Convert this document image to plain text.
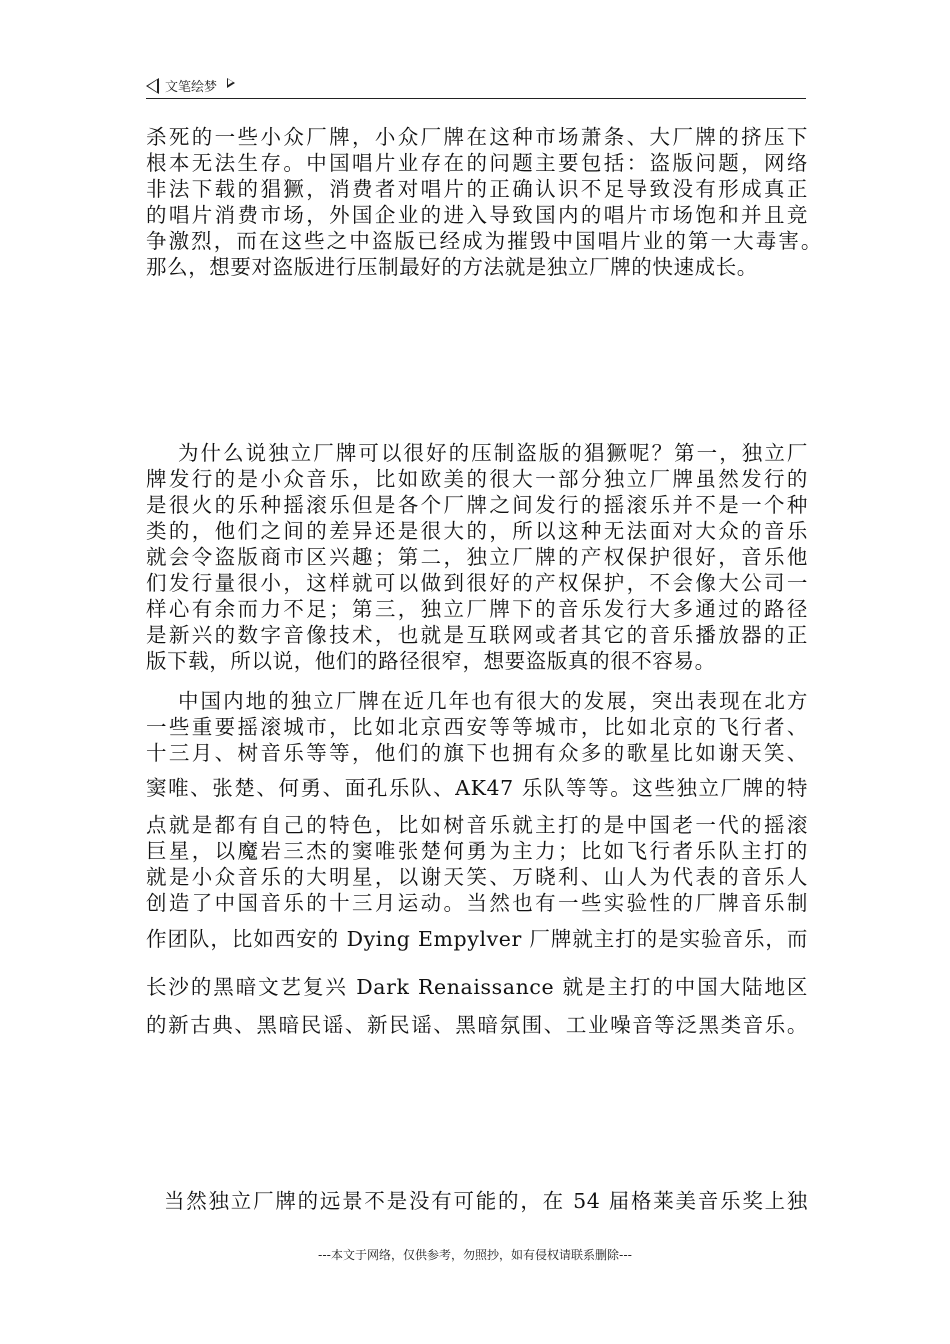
文笔绘梦
杀死的一些小众厂牌，小众厂牌在这种市场萧条、大厂牌的挤压下
根本无法生存。中国唱片业存在的问题主要包括：盗版问题，网络
非法下载的猖獗，消费者对唱片的正确认识不足导致没有形成真正
的唱片消费市场，外国企业的进入导致国内的唱片市场饱和并且竞
争激烈，而在这些之中盗版已经成为摧毁中国唱片业的第一大毒害。
那么，想要对盗版进行压制最好的方法就是独立厂牌的快速成长。
为什么说独立厂牌可以很好的压制盗版的猖獗呢？第一，独立厂
牌发行的是小众音乐，比如欧美的很大一部分独立厂牌虽然发行的
是很火的乐种摇滚乐但是各个厂牌之间发行的摇滚乐并不是一个种
类的，他们之间的差异还是很大的，所以这种无法面对大众的音乐
就会令盗版商市区兴趣；第二，独立厂牌的产权保护很好，音乐他
们发行量很小，这样就可以做到很好的产权保护，不会像大公司一
样心有余而力不足；第三，独立厂牌下的音乐发行大多通过的路径
是新兴的数字音像技术，也就是互联网或者其它的音乐播放器的正
版下载，所以说，他们的路径很窄，想要盗版真的很不容易。
中国内地的独立厂牌在近几年也有很大的发展，突出表现在北方
一些重要摇滚城市，比如北京西安等等城市，比如北京的飞行者、
十三月、树音乐等等，他们的旗下也拥有众多的歌星比如谢天笑、
窦唯、张楚、何勇、面孔乐队、AK47 乐队等等。这些独立厂牌的特
点就是都有自己的特色，比如树音乐就主打的是中国老一代的摇滚
巨星，以魔岩三杰的窦唯张楚何勇为主力；比如飞行者乐队主打的
就是小众音乐的大明星，以谢天笑、万晓利、山人为代表的音乐人
创造了中国音乐的十三月运动。当然也有一些实验性的厂牌音乐制
作团队，比如西安的 Dying Empylver 厂牌就主打的是实验音乐，而
长沙的黑暗文艺复兴 Dark Renaissance 就是主打的中国大陆地区
的新古典、黑暗民谣、新民谣、黑暗氛围、工业噪音等泛黑类音乐。
当然独立厂牌的远景不是没有可能的，在 54 届格莱美音乐奖上独
---本文于网络，仅供参考，勿照抄，如有侵权请联系删除---
